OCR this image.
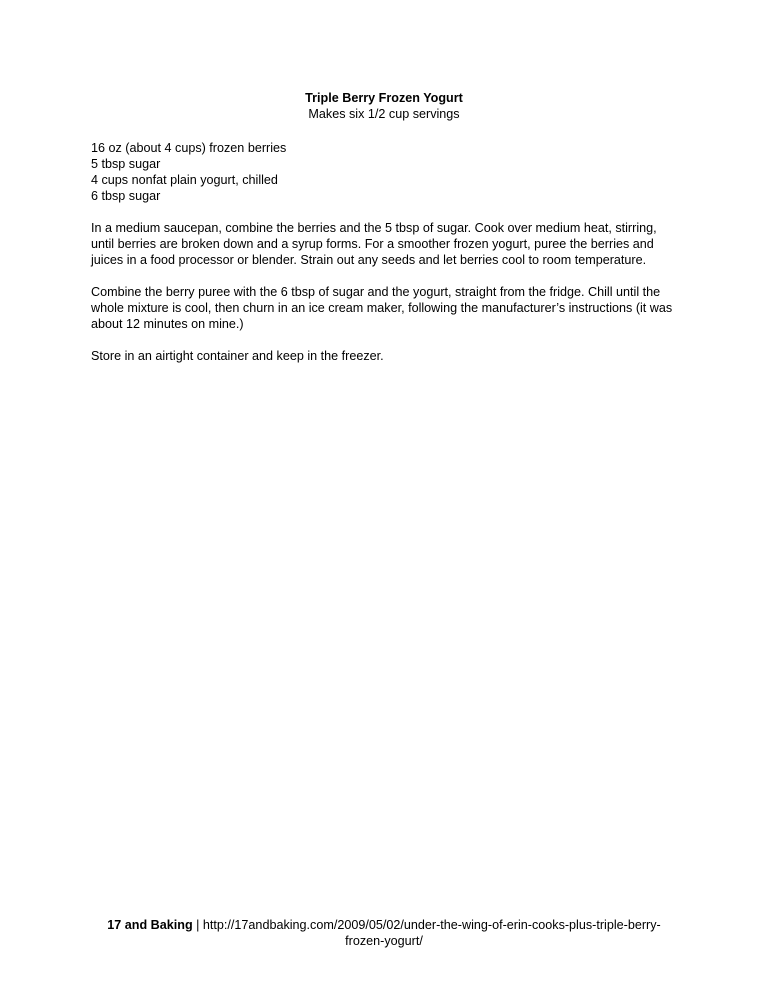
Triple Berry Frozen Yogurt
Makes six 1/2 cup servings
16 oz (about 4 cups) frozen berries
5 tbsp sugar
4 cups nonfat plain yogurt, chilled
6 tbsp sugar

In a medium saucepan, combine the berries and the 5 tbsp of sugar. Cook over medium heat, stirring, until berries are broken down and a syrup forms. For a smoother frozen yogurt, puree the berries and juices in a food processor or blender. Strain out any seeds and let berries cool to room temperature.

Combine the berry puree with the 6 tbsp of sugar and the yogurt, straight from the fridge. Chill until the whole mixture is cool, then churn in an ice cream maker, following the manufacturer’s instructions (it was about 12 minutes on mine.)

Store in an airtight container and keep in the freezer.

17 and Baking | http://17andbaking.com/2009/05/02/under-the-wing-of-erin-cooks-plus-triple-berry-frozen-yogurt/
